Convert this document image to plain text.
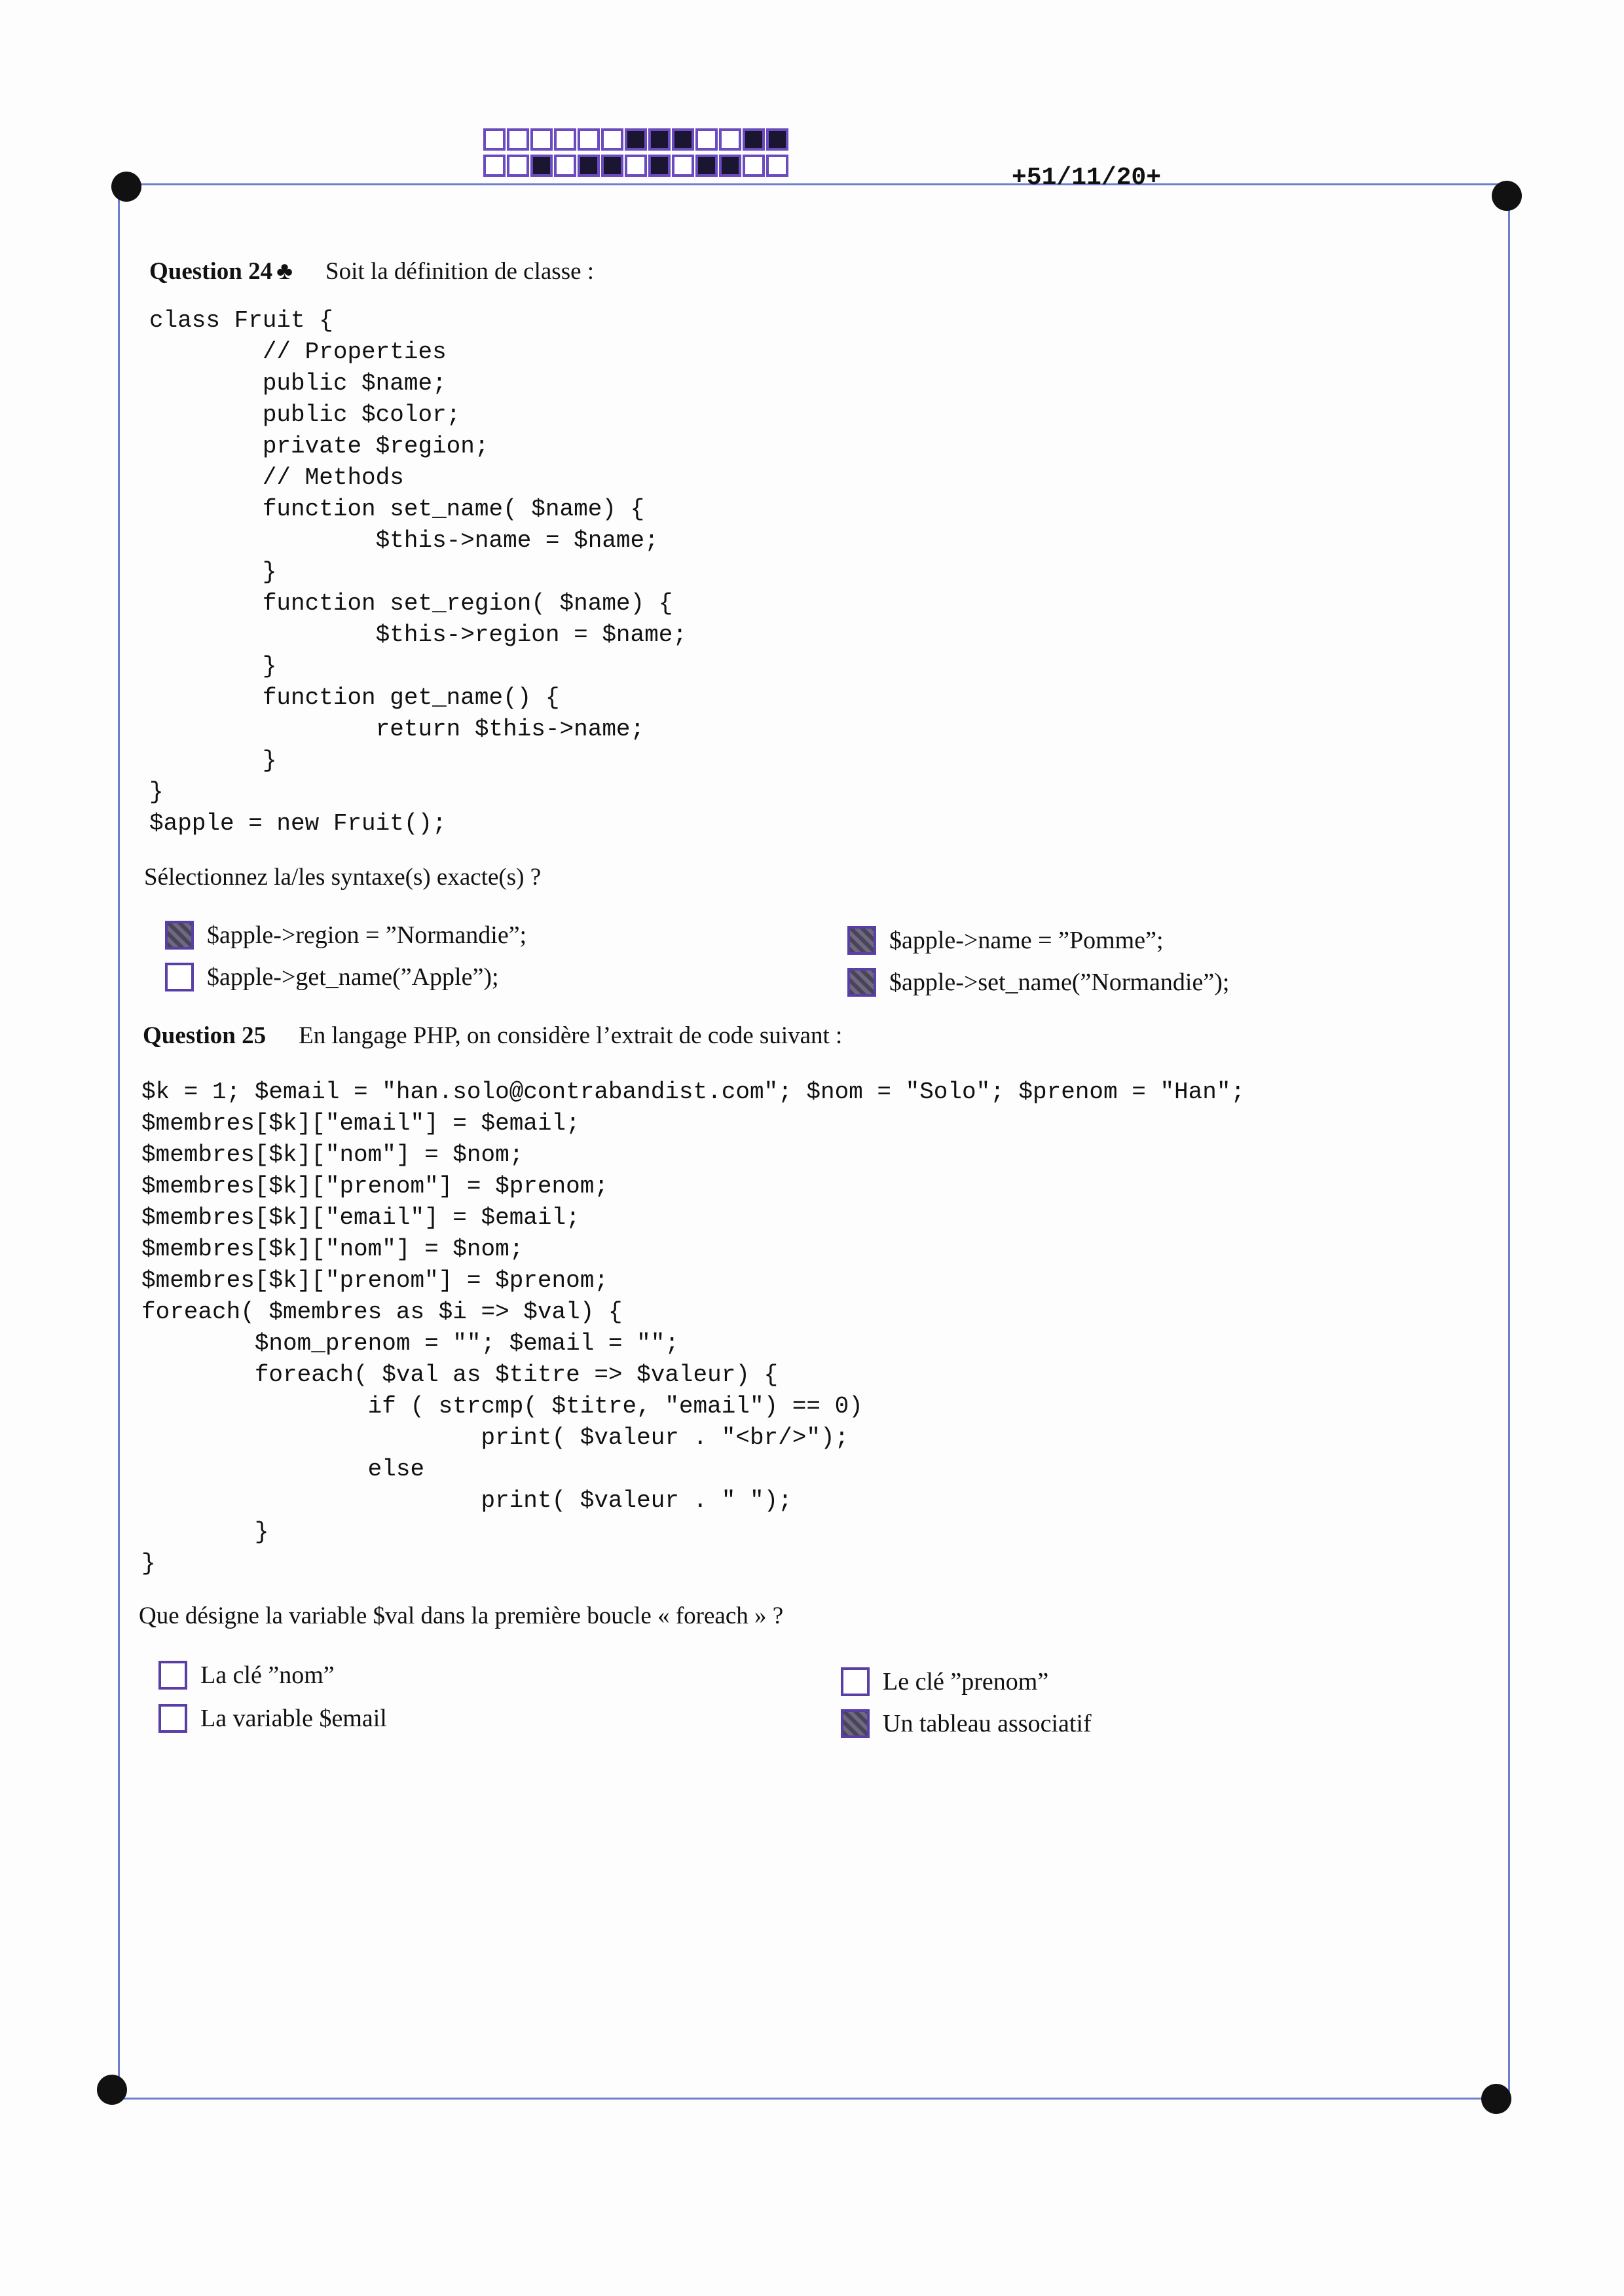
+51/11/20+
Question 24 ♣ Soit la définition de classe :
class Fruit {
// Properties
public $name;
public $color;
private $region;
// Methods
function set_name( $name) {
$this->name = $name;
}
function set_region( $name) {
$this->region = $name;
}
function get_name() {
return $this->name;
}
}
$apple = new Fruit();
Sélectionnez la/les syntaxe(s) exacte(s) ?
$apple->region = ”Normandie”;
$apple->get_name(”Apple”);
$apple->name = ”Pomme”;
$apple->set_name(”Normandie”);
Question 25 En langage PHP, on considère l’extrait de code suivant :
$k = 1; $email = "han.solo@contrabandist.com"; $nom = "Solo"; $prenom = "Han";
$membres[$k]["email"] = $email;
$membres[$k]["nom"] = $nom;
$membres[$k]["prenom"] = $prenom;
$membres[$k]["email"] = $email;
$membres[$k]["nom"] = $nom;
$membres[$k]["prenom"] = $prenom;
foreach( $membres as $i => $val) {
$nom_prenom = ""; $email = "";
foreach( $val as $titre => $valeur) {
if ( strcmp( $titre, "email") == 0)
print( $valeur . "<br/>");
else
print( $valeur . " ");
}
}
Que désigne la variable $val dans la première boucle « foreach » ?
La clé ”nom”
La variable $email
Le clé ”prenom”
Un tableau associatif
